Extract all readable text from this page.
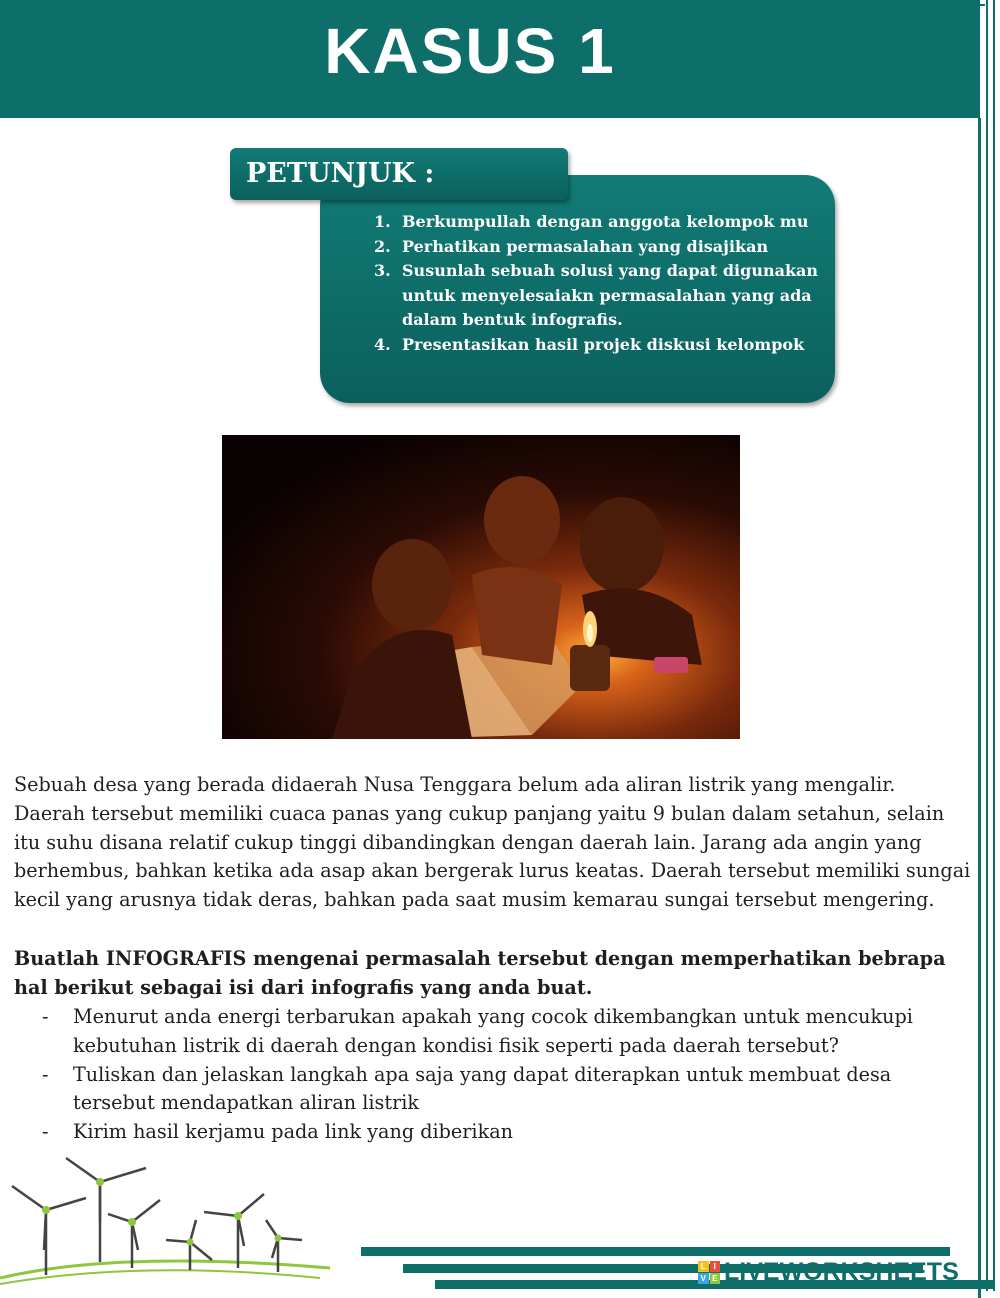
KASUS 1
PETUNJUK :
Berkumpullah dengan anggota kelompok mu
Perhatikan permasalahan yang disajikan
Susunlah sebuah solusi yang dapat digunakan untuk menyelesaiakn permasalahan yang ada dalam bentuk infografis.
Presentasikan hasil projek diskusi kelompok
Sebuah desa yang berada didaerah Nusa Tenggara belum ada aliran listrik yang mengalir. Daerah tersebut memiliki cuaca panas yang cukup panjang yaitu 9 bulan dalam setahun, selain itu suhu disana relatif cukup tinggi dibandingkan dengan daerah lain. Jarang ada angin yang berhembus, bahkan ketika ada asap akan bergerak lurus keatas. Daerah tersebut memiliki sungai kecil yang arusnya tidak deras, bahkan pada saat musim kemarau sungai tersebut mengering.
Buatlah INFOGRAFIS mengenai permasalah tersebut dengan memperhatikan bebrapa hal berikut sebagai isi dari infografis yang anda buat.
- Menurut anda energi terbarukan apakah yang cocok dikembangkan untuk mencukupi kebutuhan listrik di daerah dengan kondisi fisik seperti pada daerah tersebut?
- Tuliskan dan jelaskan langkah apa saja yang dapat diterapkan untuk membuat desa tersebut mendapatkan aliran listrik
- Kirim hasil kerjamu pada link yang diberikan
L I
V E LIVEWORKSHEETS
